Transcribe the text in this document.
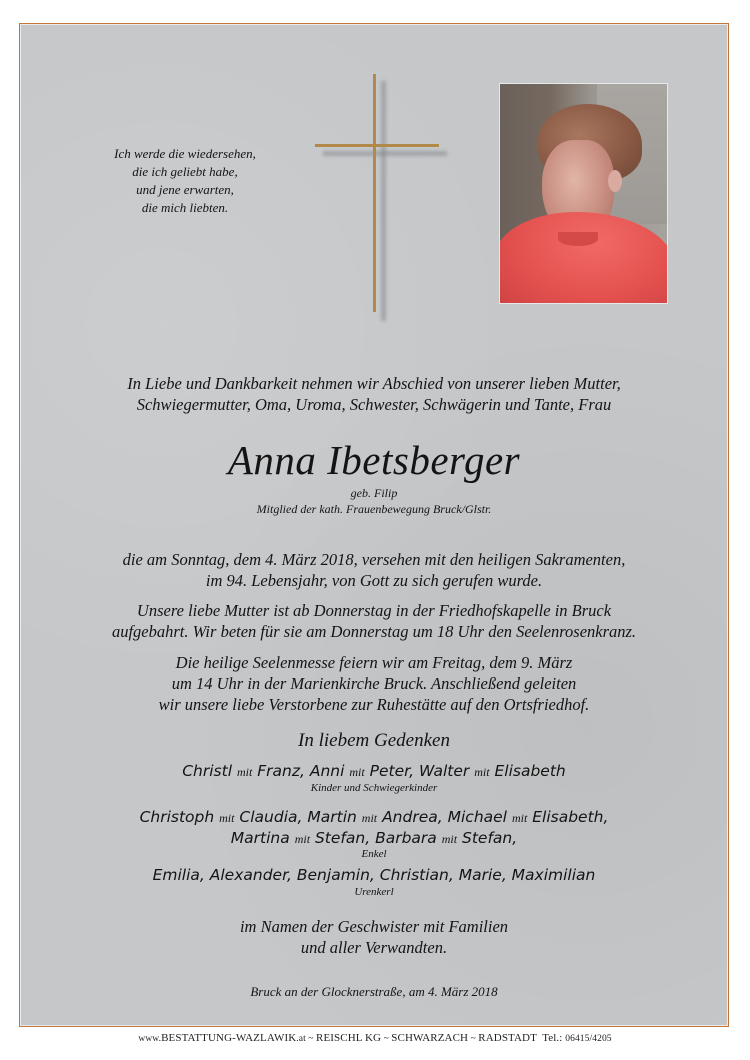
Ich werde die wiedersehen,
die ich geliebt habe,
und jene erwarten,
die mich liebten.
In Liebe und Dankbarkeit nehmen wir Abschied von unserer lieben Mutter,
Schwiegermutter, Oma, Uroma, Schwester, Schwägerin und Tante, Frau
Anna Ibetsberger
geb. Filip
Mitglied der kath. Frauenbewegung Bruck/Glstr.
die am Sonntag, dem 4. März 2018, versehen mit den heiligen Sakramenten,
im 94. Lebensjahr, von Gott zu sich gerufen wurde.
Unsere liebe Mutter ist ab Donnerstag in der Friedhofskapelle in Bruck
aufgebahrt. Wir beten für sie am Donnerstag um 18 Uhr den Seelenrosenkranz.
Die heilige Seelenmesse feiern wir am Freitag, dem 9. März
um 14 Uhr in der Marienkirche Bruck. Anschließend geleiten
wir unsere liebe Verstorbene zur Ruhestätte auf den Ortsfriedhof.
In liebem Gedenken
Christl mit Franz, Anni mit Peter, Walter mit Elisabeth
Kinder und Schwiegerkinder
Christoph mit Claudia, Martin mit Andrea, Michael mit Elisabeth,
Martina mit Stefan, Barbara mit Stefan,
Enkel
Emilia, Alexander, Benjamin, Christian, Marie, Maximilian
Urenkerl
im Namen der Geschwister mit Familien
und aller Verwandten.
Bruck an der Glocknerstraße, am 4. März 2018
www.BESTATTUNG-WAZLAWIK.at ~ REISCHL KG ~ SCHWARZACH ~ RADSTADT  Tel.: 06415/4205
